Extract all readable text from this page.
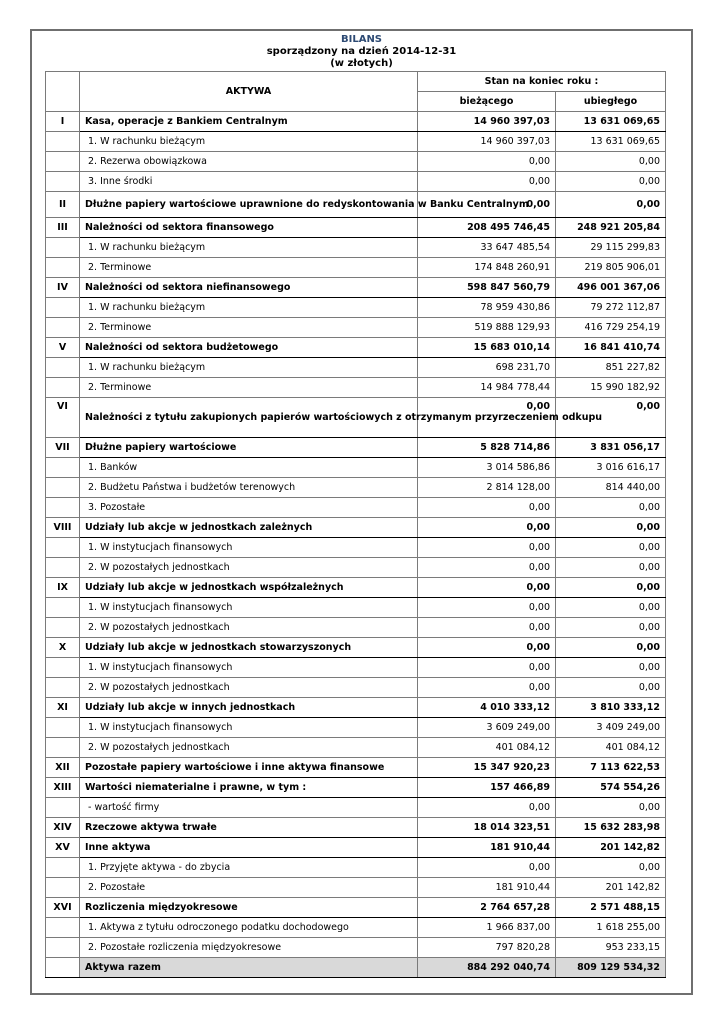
BILANS
sporządzony na dzień 2014-12-31
(w złotych)
	AKTYWA	Stan na koniec roku :	
		bieżącego	ubiegłego
I	Kasa, operacje z Bankiem Centralnym	14 960 397,03	13 631 069,65
	1. W rachunku bieżącym	14 960 397,03	13 631 069,65
	2. Rezerwa obowiązkowa	0,00	0,00
	3. Inne środki	0,00	0,00
II	Dłużne papiery wartościowe uprawnione do redyskontowania w Banku Centralnym	0,00	0,00
III	Należności od sektora finansowego	208 495 746,45	248 921 205,84
	1. W rachunku bieżącym	33 647 485,54	29 115 299,83
	2. Terminowe	174 848 260,91	219 805 906,01
IV	Należności od sektora niefinansowego	598 847 560,79	496 001 367,06
	1. W rachunku bieżącym	78 959 430,86	79 272 112,87
	2. Terminowe	519 888 129,93	416 729 254,19
V	Należności od sektora budżetowego	15 683 010,14	16 841 410,74
	1. W rachunku bieżącym	698 231,70	851 227,82
	2. Terminowe	14 984 778,44	15 990 182,92
VI	Należności z tytułu zakupionych papierów wartościowych z otrzymanym przyrzeczeniem odkupu	0,00	0,00
VII	Dłużne papiery wartościowe	5 828 714,86	3 831 056,17
	1. Banków	3 014 586,86	3 016 616,17
	2. Budżetu Państwa i budżetów terenowych	2 814 128,00	814 440,00
	3. Pozostałe	0,00	0,00
VIII	Udziały lub akcje w jednostkach zależnych	0,00	0,00
	1. W instytucjach finansowych	0,00	0,00
	2. W pozostałych jednostkach	0,00	0,00
IX	Udziały lub akcje w jednostkach współzależnych	0,00	0,00
	1. W instytucjach finansowych	0,00	0,00
	2. W pozostałych jednostkach	0,00	0,00
X	Udziały lub akcje w jednostkach stowarzyszonych	0,00	0,00
	1. W instytucjach finansowych	0,00	0,00
	2. W pozostałych jednostkach	0,00	0,00
XI	Udziały lub akcje w innych jednostkach	4 010 333,12	3 810 333,12
	1. W instytucjach finansowych	3 609 249,00	3 409 249,00
	2. W pozostałych jednostkach	401 084,12	401 084,12
XII	Pozostałe papiery wartościowe i inne aktywa finansowe	15 347 920,23	7 113 622,53
XIII	Wartości niematerialne i prawne, w tym :	157 466,89	574 554,26
	- wartość firmy	0,00	0,00
XIV	Rzeczowe aktywa trwałe	18 014 323,51	15 632 283,98
XV	Inne aktywa	181 910,44	201 142,82
	1. Przyjęte aktywa - do zbycia	0,00	0,00
	2. Pozostałe	181 910,44	201 142,82
XVI	Rozliczenia międzyokresowe	2 764 657,28	2 571 488,15
	1. Aktywa z tytułu odroczonego podatku dochodowego	1 966 837,00	1 618 255,00
	2. Pozostałe rozliczenia międzyokresowe	797 820,28	953 233,15
	Aktywa razem	884 292 040,74	809 129 534,32
